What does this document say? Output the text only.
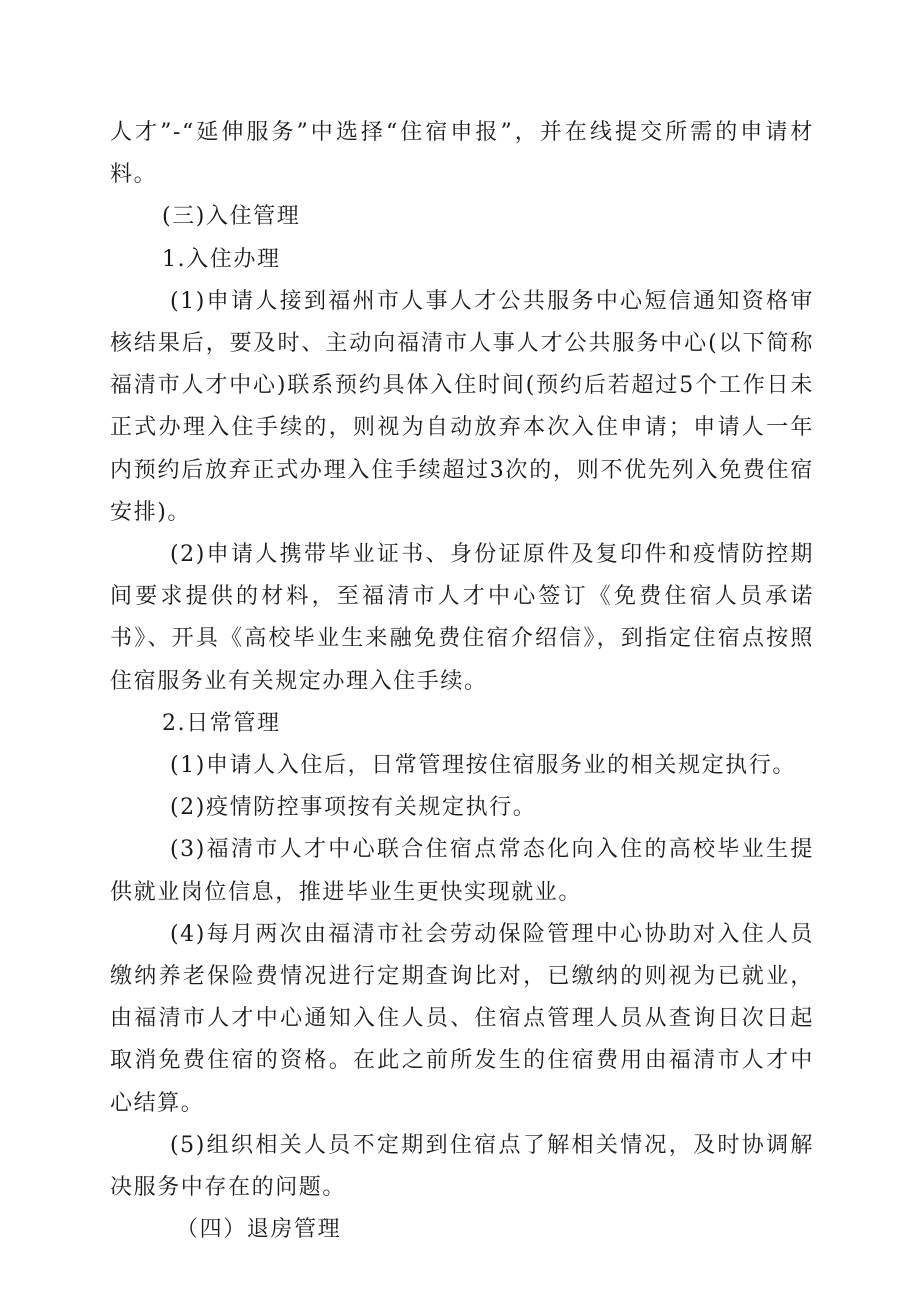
人才”-“延伸服务”中选择“住宿申报”，并在线提交所需的申请材料。

(三)入住管理

1.入住办理

(1)申请人接到福州市人事人才公共服务中心短信通知资格审核结果后，要及时、主动向福清市人事人才公共服务中心(以下简称福清市人才中心)联系预约具体入住时间(预约后若超过5个工作日未正式办理入住手续的，则视为自动放弃本次入住申请；申请人一年内预约后放弃正式办理入住手续超过3次的，则不优先列入免费住宿安排)。

(2)申请人携带毕业证书、身份证原件及复印件和疫情防控期间要求提供的材料，至福清市人才中心签订《免费住宿人员承诺书》、开具《高校毕业生来融免费住宿介绍信》，到指定住宿点按照住宿服务业有关规定办理入住手续。

2.日常管理

(1)申请人入住后，日常管理按住宿服务业的相关规定执行。

(2)疫情防控事项按有关规定执行。

(3)福清市人才中心联合住宿点常态化向入住的高校毕业生提供就业岗位信息，推进毕业生更快实现就业。

(4)每月两次由福清市社会劳动保险管理中心协助对入住人员缴纳养老保险费情况进行定期查询比对，已缴纳的则视为已就业，由福清市人才中心通知入住人员、住宿点管理人员从查询日次日起取消免费住宿的资格。在此之前所发生的住宿费用由福清市人才中心结算。

(5)组织相关人员不定期到住宿点了解相关情况，及时协调解决服务中存在的问题。

（四）退房管理
